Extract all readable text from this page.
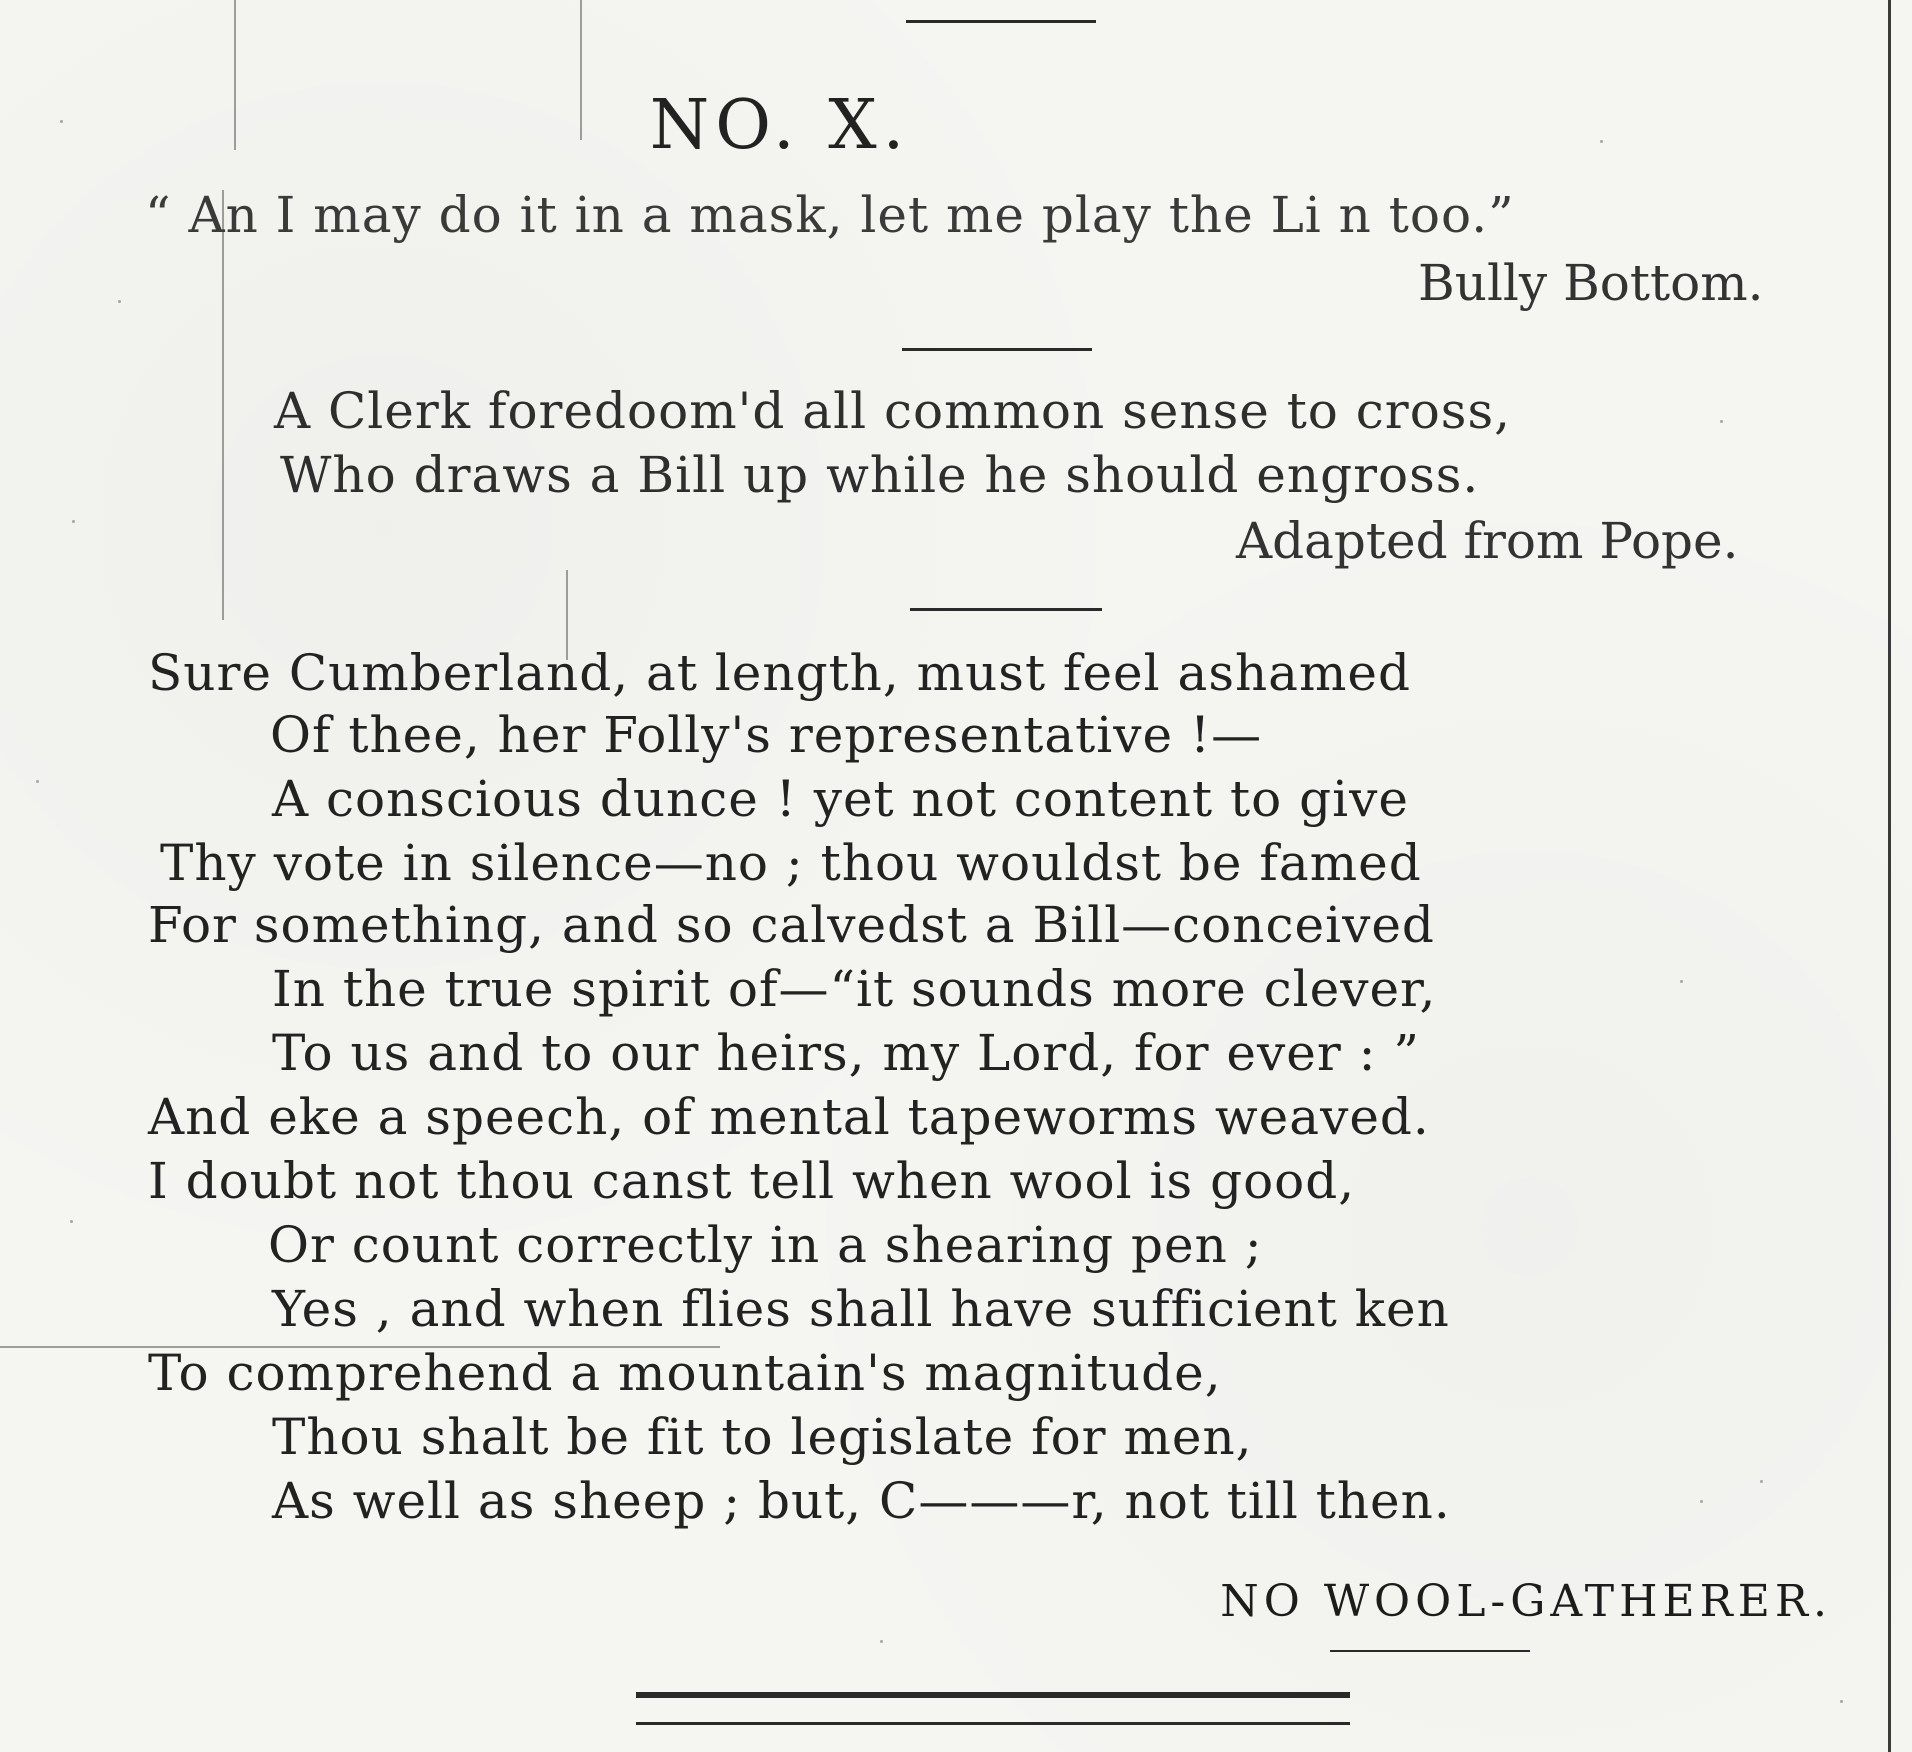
NO. X.
“ An I may do it in a mask, let me play the Li n too.”
Bully Bottom.
A Clerk foredoom'd all common sense to cross,
Who draws a Bill up while he should engross.
Adapted from Pope.
Sure Cumberland, at length, must feel ashamed
Of thee, her Folly's representative !—
A conscious dunce ! yet not content to give
Thy vote in silence—no ; thou wouldst be famed
For something, and so calvedst a Bill—conceived
In the true spirit of—“it sounds more clever,
To us and to our heirs, my Lord, for ever : ”
And eke a speech, of mental tapeworms weaved.
I doubt not thou canst tell when wool is good,
Or count correctly in a shearing pen ;
Yes , and when flies shall have sufficient ken
To comprehend a mountain's magnitude,
Thou shalt be fit to legislate for men,
As well as sheep ; but, C———r, not till then.
NO WOOL-GATHERER.
